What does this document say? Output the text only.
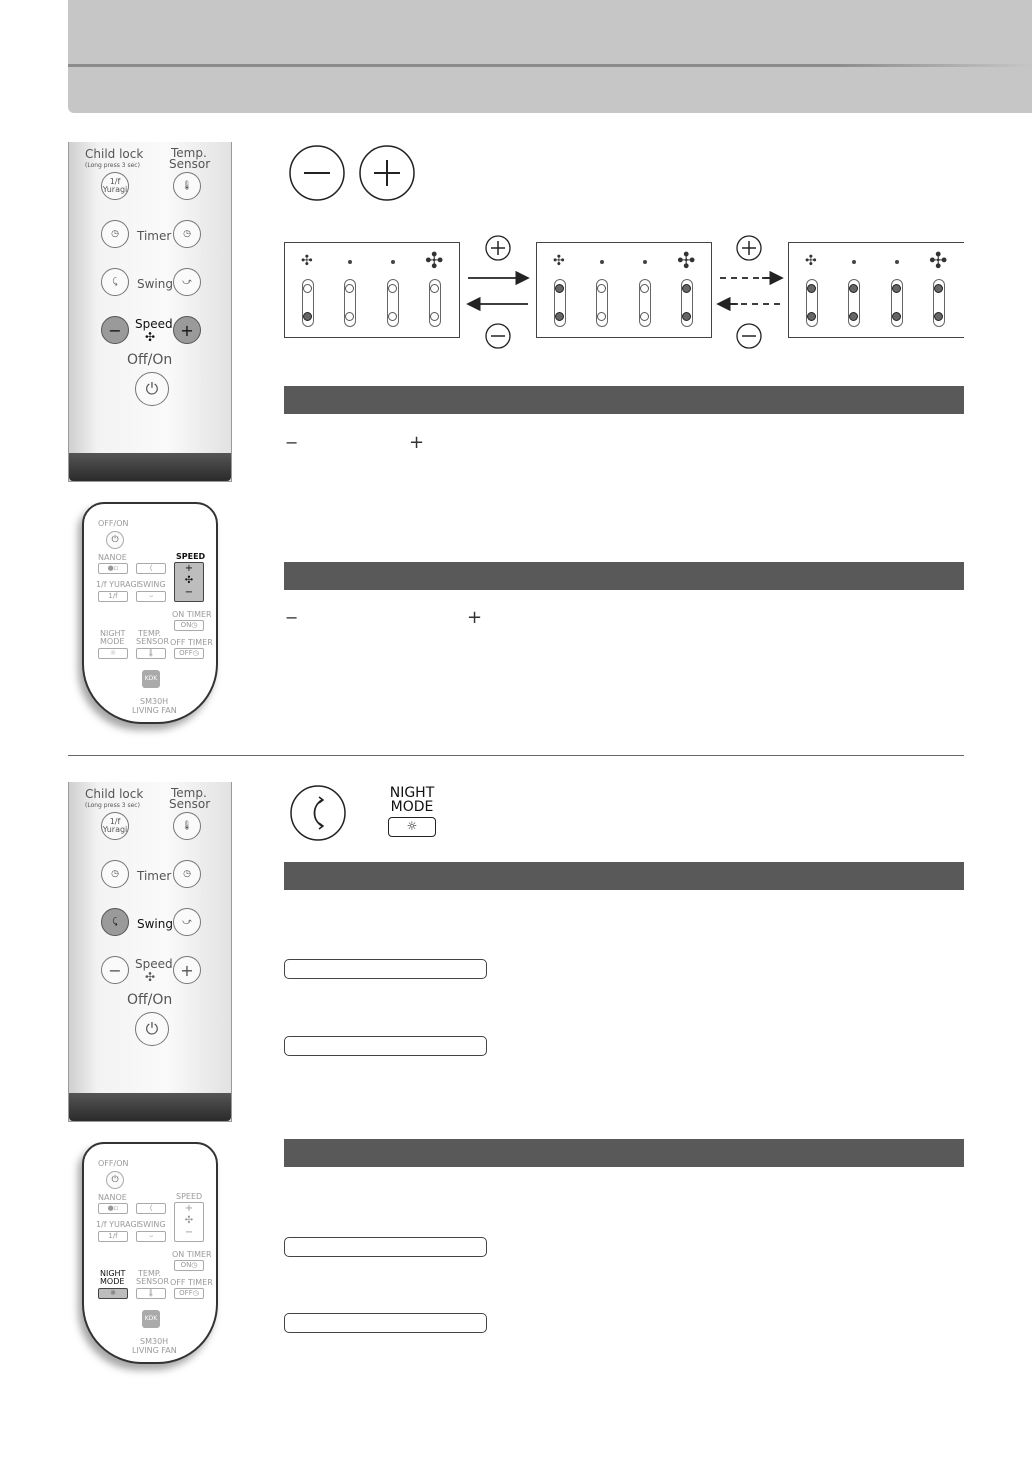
Child lock
(Long press 3 sec)
Temp.
Sensor
1/f
Yuragi	🌡
◷ Timer ◷
⤹ Swing ⤻
− Speed
✣ +
Off/On
⏻
OFF/ON
⏻
NANOE
●▫	⟨
SPEED
+
✣
−
1/f YURAGI
SWING
1/f	⌣
ON TIMER
ON◷
NIGHT
MODE
TEMP.
SENSOR OFF TIMER
☼	🌡	OFF◷
KDK
SM30H
LIVING FAN
✣	✣	✣	✣	✣	✣
−	+
−	+
Child lock
(Long press 3 sec)
Temp.
Sensor
1/f
Yuragi	🌡
◷ Timer ◷
⤹ Swing ⤻
− Speed
✣ +
Off/On
⏻
OFF/ON
⏻
NANOE
●▫	⟨
SPEED
+
✣
−
1/f YURAGI
SWING
1/f	⌣
ON TIMER
ON◷
NIGHT
MODE
TEMP.
SENSOR OFF TIMER
☼	🌡	OFF◷
KDK
SM30H
LIVING FAN
NIGHT
MODE
☼
